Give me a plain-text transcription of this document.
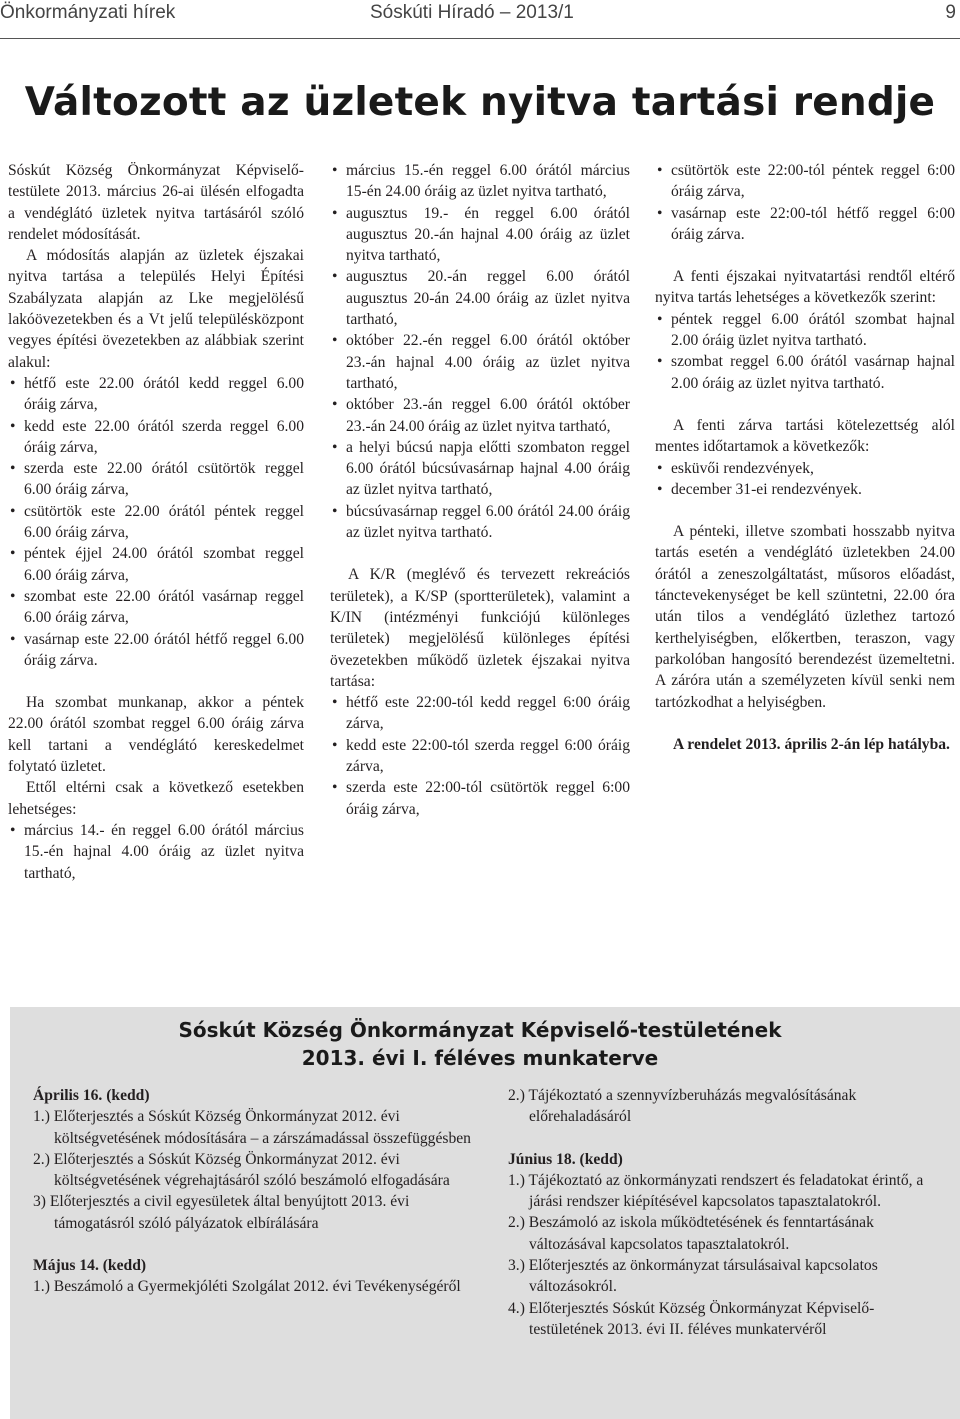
Önkormányzati hírek	Sóskúti Híradó – 2013/1	9
Változott az üzletek nyitva tartási rendje

Sóskút Község Önkormányzat Képviselő-testülete 2013. március 26-ai ülésén elfogadta a vendéglátó üzletek nyitva tartásáról szóló rendelet módosítását.

A módosítás alapján az üzletek éjszakai nyitva tartása a település Helyi Építési Szabályzata alapján az Lke megjelölésű lakóövezetekben és a Vt jelű településközpont vegyes építési övezetekben az alábbiak szerint alakul:

• hétfő este 22.00 órától kedd reggel 6.00 óráig zárva,
• kedd este 22.00 órától szerda reggel 6.00 óráig zárva,
• szerda este 22.00 órától csütörtök reggel 6.00 óráig zárva,
• csütörtök este 22.00 órától péntek reggel 6.00 óráig zárva,
• péntek éjjel 24.00 órától szombat reggel 6.00 óráig zárva,
• szombat este 22.00 órától vasárnap reggel 6.00 óráig zárva,
• vasárnap este 22.00 órától hétfő reggel 6.00 óráig zárva.

Ha szombat munkanap, akkor a péntek 22.00 órától szombat reggel 6.00 óráig zárva kell tartani a vendéglátó kereskedelmet folytató üzletet.

Ettől eltérni csak a következő esetekben lehetséges:

• március 14.- én reggel 6.00 órától március 15.-én hajnal 4.00 óráig az üzlet nyitva tartható,
• március 15.-én reggel 6.00 órától március 15-én 24.00 óráig az üzlet nyitva tartható,
• augusztus 19.- én reggel 6.00 órától augusztus 20.-án hajnal 4.00 óráig az üzlet nyitva tartható,
• augusztus 20.-án reggel 6.00 órától augusztus 20-án 24.00 óráig az üzlet nyitva tartható,
• október 22.-én reggel 6.00 órától október 23.-án hajnal 4.00 óráig az üzlet nyitva tartható,
• október 23.-án reggel 6.00 órától október 23.-án 24.00 óráig az üzlet nyitva tartható,
• a helyi búcsú napja előtti szombaton reggel 6.00 órától búcsúvasárnap hajnal 4.00 óráig az üzlet nyitva tartható,
• búcsúvasárnap reggel 6.00 órától 24.00 óráig az üzlet nyitva tartható.

A K/R (meglévő és tervezett rekreációs területek), a K/SP (sportterületek), valamint a K/IN (intézményi funkciójú különleges területek) megjelölésű különleges építési övezetekben működő üzletek éjszakai nyitva tartása:

• hétfő este 22:00-tól kedd reggel 6:00 óráig zárva,
• kedd este 22:00-tól szerda reggel 6:00 óráig zárva,
• szerda este 22:00-tól csütörtök reggel 6:00 óráig zárva,
• csütörtök este 22:00-tól péntek reggel 6:00 óráig zárva,
• vasárnap este 22:00-tól hétfő reggel 6:00 óráig zárva.

A fenti éjszakai nyitvatartási rendtől eltérő nyitva tartás lehetséges a következők szerint:

• péntek reggel 6.00 órától szombat hajnal 2.00 óráig üzlet nyitva tartható.
• szombat reggel 6.00 órától vasárnap hajnal 2.00 óráig az üzlet nyitva tartható.

A fenti zárva tartási kötelezettség alól mentes időtartamok a következők:

• esküvői rendezvények,
• december 31-ei rendezvények.

A pénteki, illetve szombati hosszabb nyitva tartás esetén a vendéglátó üzletekben 24.00 órától a zeneszolgáltatást, műsoros előadást, tánctevekenységet be kell szüntetni, 22.00 óra után tilos a vendéglátó üzlethez tartozó kerthelyiségben, előkertben, teraszon, vagy parkolóban hangosító berendezést üzemeltetni. A záróra után a személyzeten kívül senki nem tartózkodhat a helyiségben.

A rendelet 2013. április 2-án lép hatályba.

Sóskút Község Önkormányzat Képviselő-testületének
2013. évi I. féléves munkaterve

Április 16. (kedd)

1.) Előterjesztés a Sóskút Község Önkormányzat 2012. évi költségvetésének módosítására – a zárszámadással összefüggésben

2.) Előterjesztés a Sóskút Község Önkormányzat 2012. évi költségvetésének végrehajtásáról szóló beszámoló elfogadására

3) Előterjesztés a civil egyesületek által benyújtott 2013. évi támogatásról szóló pályázatok elbírálására

Május 14. (kedd)

1.) Beszámoló a Gyermekjóléti Szolgálat 2012. évi Tevékenységéről

2.) Tájékoztató a szennyvízberuházás megvalósításának előrehaladásáról

Június 18. (kedd)

1.) Tájékoztató az önkormányzati rendszert és feladatokat érintő, a járási rendszer kiépítésével kapcsolatos tapasztalatokról.

2.) Beszámoló az iskola működtetésének és fenntartásának változásával kapcsolatos tapasztalatokról.

3.) Előterjesztés az önkormányzat társulásaival kapcsolatos változásokról.

4.) Előterjesztés Sóskút Község Önkormányzat Képviselő-testületének 2013. évi II. féléves munkatervéről
